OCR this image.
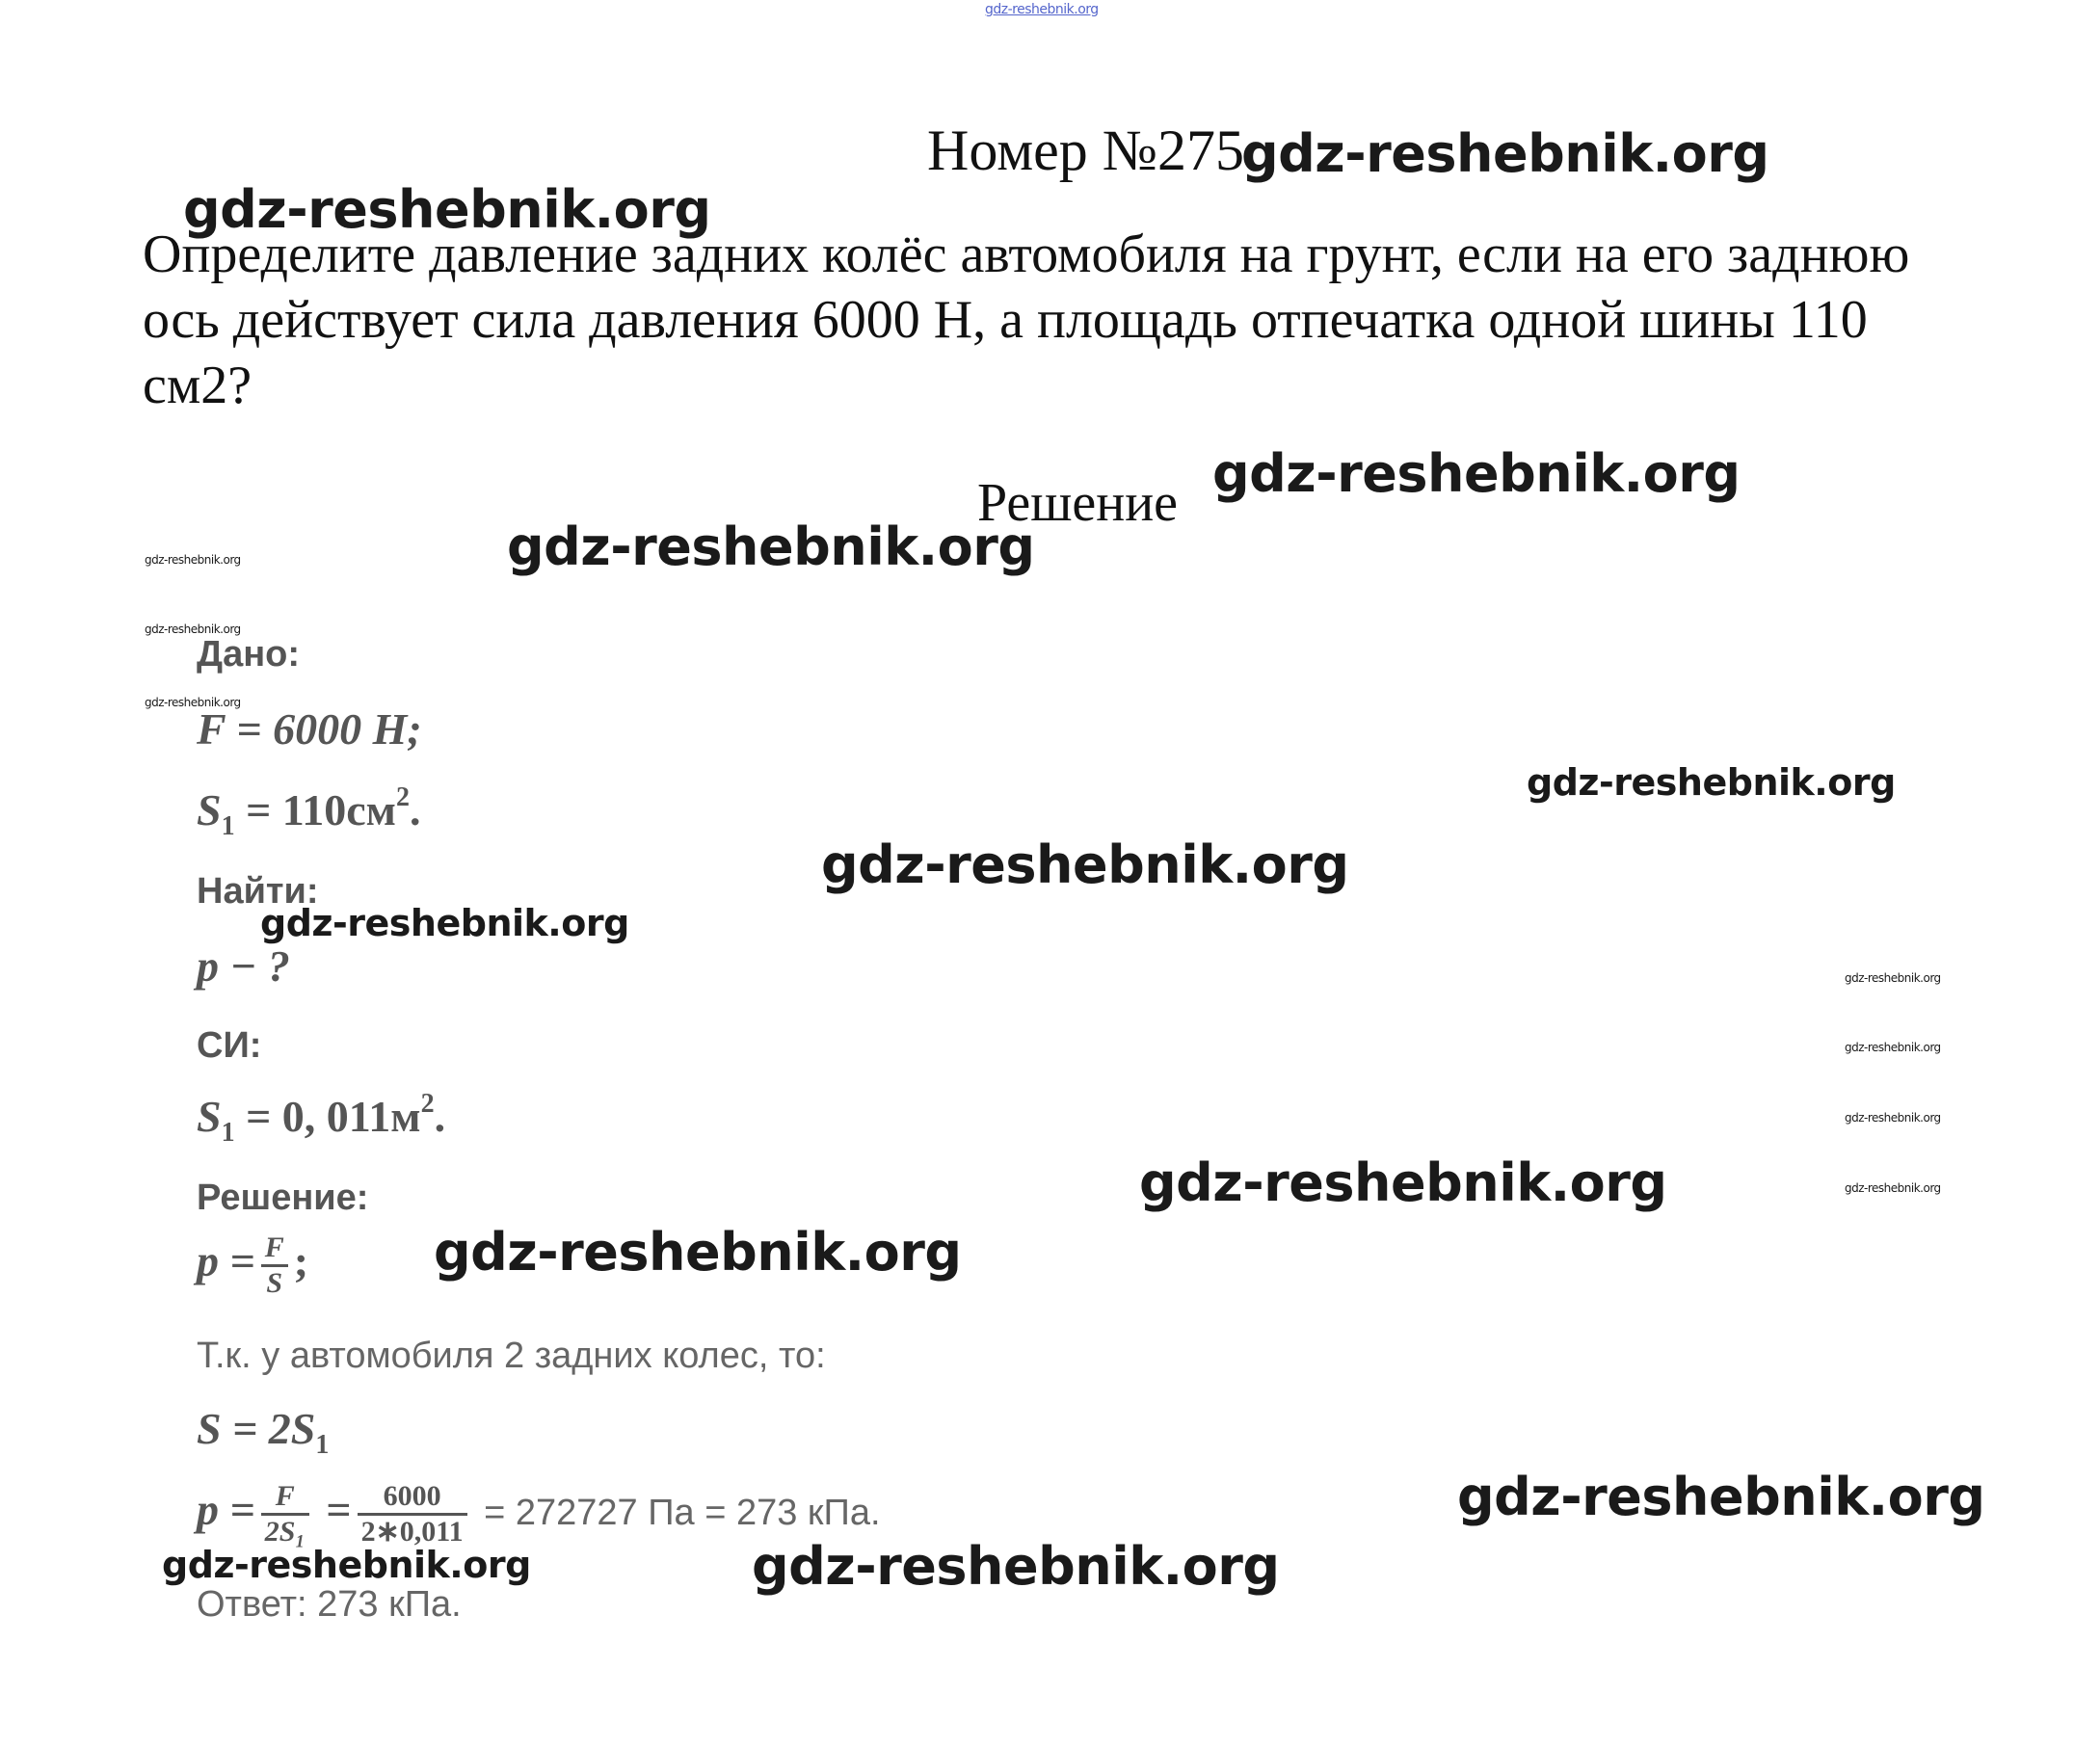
gdz-reshebnik.org
Номер №275
gdz-reshebnik.org
gdz-reshebnik.org
Определите давление задних колёс автомобиля на грунт, если на его заднюю ось действует сила давления 6000 Н, а площадь отпечатка одной шины 110 см2?
Решение gdz-reshebnik.org
gdz-reshebnik.org
gdz-reshebnik.org
gdz-reshebnik.org
gdz-reshebnik.org
Дано:
F = 6000 Н;
$S_1 = 110см^2$.
gdz-reshebnik.org
gdz-reshebnik.org
Найти:
gdz-reshebnik.org
p − ?	gdz-reshebnik.org
gdz-reshebnik.org
gdz-reshebnik.org
gdz-reshebnik.org
СИ:
$S_1 = 0$, $011м^2$.
gdz-reshebnik.org
Решение:
$p = \frac{F}{S}$ ; gdz-reshebnik.org
Т.к. у автомобиля 2 задних колес, то:
$S = 2S_1$
gdz-reshebnik.org
$p = \frac{F}{\text{2S₁}} = \frac{6000}{2∗0,011} = 272727$ Па = 273 кПа.
gdz-reshebnik.org	gdz-reshebnik.org
Ответ: 273 кПа.
